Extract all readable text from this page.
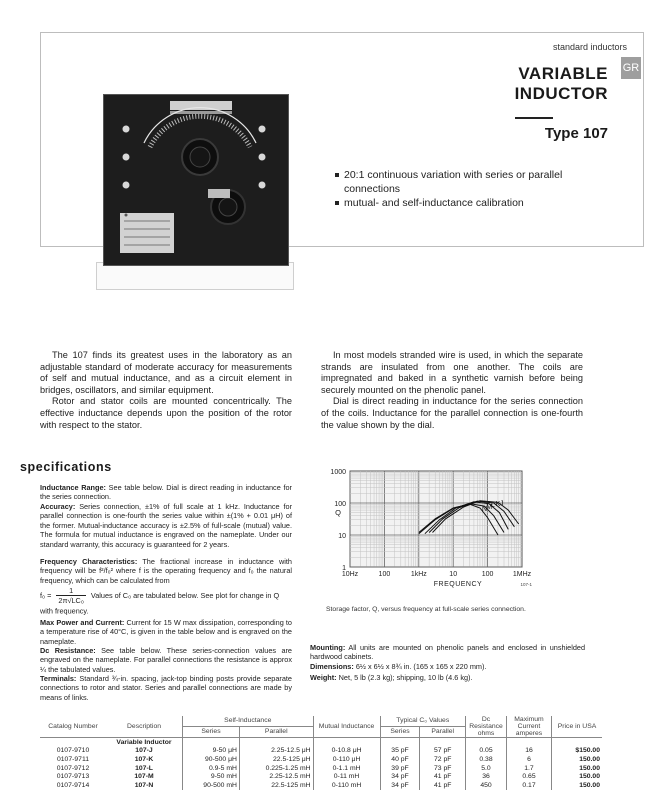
standard inductors
GR
VARIABLE
INDUCTOR
Type 107
20:1 continuous variation with series or parallel connections
mutual- and self-inductance calibration

The 107 finds its greatest uses in the laboratory as an adjustable standard of moderate accuracy for measurements of self and mutual inductance, and as a circuit element in bridges, oscillators, and similar equipment.

Rotor and stator coils are mounted concentrically. The effective inductance depends upon the position of the rotor with respect to the stator.

In most models stranded wire is used, in which the separate strands are insulated from one another. The coils are impregnated and baked in a synthetic varnish before being securely mounted on the phenolic panel.

Dial is direct reading in inductance for the series connection of the coils. Inductance for the parallel connection is one-fourth the value shown by the dial.

specifications
Inductance Range: See table below. Dial is direct reading in inductance for the series connection.
Accuracy: Series connection, ±1% of full scale at 1 kHz. Inductance for parallel connection is one-fourth the series value within ±(1% + 0.01 μH) of the former. Mutual-inductance accuracy is ±2.5% of full-scale (mutual) value. The formula for mutual inductance is engraved on the nameplate. Under our standard warranty, this accuracy is guaranteed for 2 years.
Frequency Characteristics: The fractional increase in inductance with frequency will be f²/f₀² where f is the operating frequency and f₀ the natural frequency, which can be calculated from
$f_0 = \frac{1}{\text{2π√LC₀}}$ Values of C₀ are tabulated below. See plot for change in Q with frequency.
Max Power and Current: Current for 15 W max dissipation, corresponding to a temperature rise of 40°C, is given in the table below and is engraved on the nameplate.
Dc Resistance: See table below. These series-connection values are engraved on the nameplate. For parallel connections the resistance is approx ¼ the tabulated values.
Terminals: Standard ¾-in. spacing, jack-top binding posts provide separate connections to rotor and stator. Series and parallel connections are made by means of links.
Mounting: All units are mounted on phenolic panels and enclosed in unshielded hardwood cabinets.
Dimensions: 6½ x 6½ x 8¾ in. (165 x 165 x 220 mm).
Weight: Net, 5 lb (2.3 kg); shipping, 10 lb (4.6 kg).
1000
100
10
1
Q
10Hz	100	1kHz	10	100	1MHz
FREQUENCY	107-1
N M
L K J
Storage factor, Q, versus frequency at full-scale series connection.
Catalog Number	Description	Self-Inductance		Mutual Inductance	Typical C₀ Values		Dc Resistance ohms	Maximum Current amperes	Price in USA
		Series	Parallel		Series	Parallel			
	Variable Inductor								
0107-9710	107-J	9-50 μH	2.25-12.5 μH	0-10.8 μH	35 pF	57 pF	0.05	16	$150.00
0107-9711	107-K	90-500 μH	22.5-125 μH	0-110 μH	40 pF	72 pF	0.38	6	150.00
0107-9712	107-L	0.9-5 mH	0.225-1.25 mH	0-1.1 mH	39 pF	73 pF	5.0	1.7	150.00
0107-9713	107-M	9-50 mH	2.25-12.5 mH	0-11 mH	34 pF	41 pF	36	0.65	150.00
0107-9714	107-N	90-500 mH	22.5-125 mH	0-110 mH	34 pF	41 pF	450	0.17	150.00
